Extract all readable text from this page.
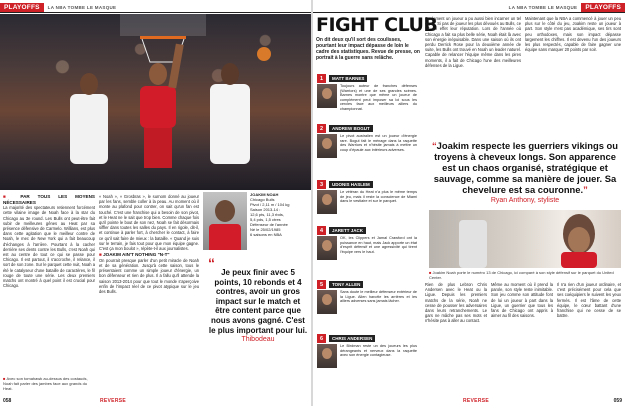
PLAYOFFS	LA NBA TOMBE LE MASQUE
■ Avec son tomahawk au-dessus des costauds, Noah fait parler des jambes face aux grands du Heat.
■ PAR TOUS LES MOYENS NÉCESSAIRES

La majorité des spectateurs retiennent forcément cette vilaine image de Noah face à la star du Chicago au 3e round. Les Bulls ont peut-être fait subir de meilleures gênes au Heat par sa présence défensive de Carmelo. Willians, est plus dans cette agitation que le meilleur contre de Noah, le mec de New York qui a fait beaucoup d'échanges à l'arrière. Pourtant à la cacher derrière ses dents contre les Bulls, c'est Noah qui est au centre de tout ce qui se passe pour Chicago. Il est partout, il s'accroche, il relance, il sort de son zone. Sur le parquet cette nuit, Noah a été le catalyseur d'une bataille de caractères, le fil rouge de toute une série. Les deux premiers matchs ont montré à quel point il est crucial pour Chicago.

« Noah », « Grosbras », le surnom donné au joueur par les fans, semble coller à la peau. Au moment où il monte au plafond pour contrer, on sait qu'un fan est touché. C'est une franchise qui a besoin de son pivot, et le Heat ne le sait que trop bien. Comme chaque fois qu'il pointe le bout de son nez, Noah se fait désormais siffler dans toutes les salles du pays. Il en rigole, dit-il, et continue à parler fort, à chercher le contact, à faire ce qu'il sait faire de mieux : la bataille. « Quand je suis sur le terrain, je fais tout pour que mon équipe gagne. C'est ça mon boulot », répète-t-il aux journalistes.

■ JOAKIM AIN'T NOTHING "N-T"

On pourrait presque parler d'un petit miracle de Noah et de sa génération. Jusqu'à cette saison, tous le présentaient comme un simple joueur d'énergie, un bon défenseur et rien de plus. Il a fallu qu'il attende la saison 2013-2014 pour que tout le monde s'aperçoive enfin de l'impact réel de ce pivot atypique sur le jeu des Bulls.

JOAKIM NOAH
Chicago Bulls
Pivot / 2,11 m / 104 kg
Saison 2013-14 :
12,6 pts, 11,3 rbds,
5,4 pds, 1,5 ctres
Défenseur de l'année
Né le 25/02/1985
6 saisons en NBA
“
Je peux finir avec 5 points, 10 rebonds et 4 contres, avoir un gros impact sur le match et être content parce que nous avons gagné. C'est le plus important pour lui.
Thibodeau
058	REVERSE
LA NBA TOMBE LE MASQUE	PLAYOFFS
FIGHT CLUB
On dit deux qu'il sort des coulisses, pourtant leur impact dépasse de loin le cadre des statistiques. Revue de presse, on portrait à la guerre sans relâche.
1	MATT BARNES
Toujours auteur de franches défenses (Warriors) et une de ses grandes scènes. Barnes montre que même un joueur de complément peut imposer sa loi sous les cercles face aux meilleurs ailiers du championnat.
2	ANDREW BOGUT
Le pivot australien est un joueur d'énergie rare. Bogut fait le ménage dans la raquette des Warriors et n'hésite jamais à mettre un coup d'épaule aux intérieurs adverses.
3	UDONIS HASLEM
Le vétéran du Heat n'a plus le même temps de jeu, mais il reste la conscience de Miami dans le vestiaire et sur le parquet.
4	JARETT JACK
OK, les Clippers et Jamal Crawford ont la puissance en haut, mais Jack apporte un état d'esprit défensif et une agressivité qui tirent l'équipe vers le haut.
5	TONY ALLEN
Sans doute le meilleur défenseur extérieur de la Ligue. Allen harcèle les arrières et les ailiers adverses sans jamais lâcher.
6	CHRIS ANDERSEN
Le Birdman reste un des joueurs les plus dérangeants et nerveux dans la raquette avec son énergie contagieuse.

Seulement un joueur a pu aussi bien incarner un tel esprit. Si pas de joueur les plus dévoués au Bulls, ce fut en effet leur réputation. Lors de l'année où Chicago a fait sa plus belle série, Noah était là avec son énergie inépuisable. Dans une saison où ils ont perdu Derrick Rose pour la deuxième année de suite, les Bulls ont trouvé en Noah un leader naturel. Capable de relancer l'équipe même dans les pires moments, il a fait de Chicago l'une des meilleures défenses de la Ligue.

Maintenant que la NBA a commencé à jouer un peu plus sur le côté du jeu, Joakim reste un joueur à part. Son style n'est pas académique, ses tirs sont peu orthodoxes, mais son impact dépasse largement les chiffres. Il est devenu l'un des joueurs les plus respectés, capable de faire gagner une équipe sans marquer 20 points par soir.

“Joakim respecte les guerriers vikings ou troyens à cheveux longs. Son apparence est un chaos organisé, stratégique et sauvage, comme sa manière de jouer. Sa chevelure est sa couronne.”
Ryan Anthony, styliste
■ Joakim Noah porte le numéro 13 de Chicago, ici comparé à son style défensif sur le parquet du United Center.

Rien de plus Lebron Chris Andersen avec le Heat ou la Ligue. Depuis les premiers matchs de la série, Noah ne cesse de pousser les adversaires dans leurs retranchements. Le gars ne mâche pas ses mots et n'hésite pas à aller au contact.

Même au moment où il prend la parole, son style reste inimitable. Son jeu comme son attitude font de lui un joueur à part dans la Ligue, un guerrier que tous les fans de Chicago ont appris à aimer au fil des saisons.

Il n'a rien d'un joueur ordinaire, et c'est précisément pour cela que ses coéquipiers le suivent les yeux fermés. Il est l'âme de cette équipe, le cœur battant d'une franchise qui ne cesse de se battre.

REVERSE	059
